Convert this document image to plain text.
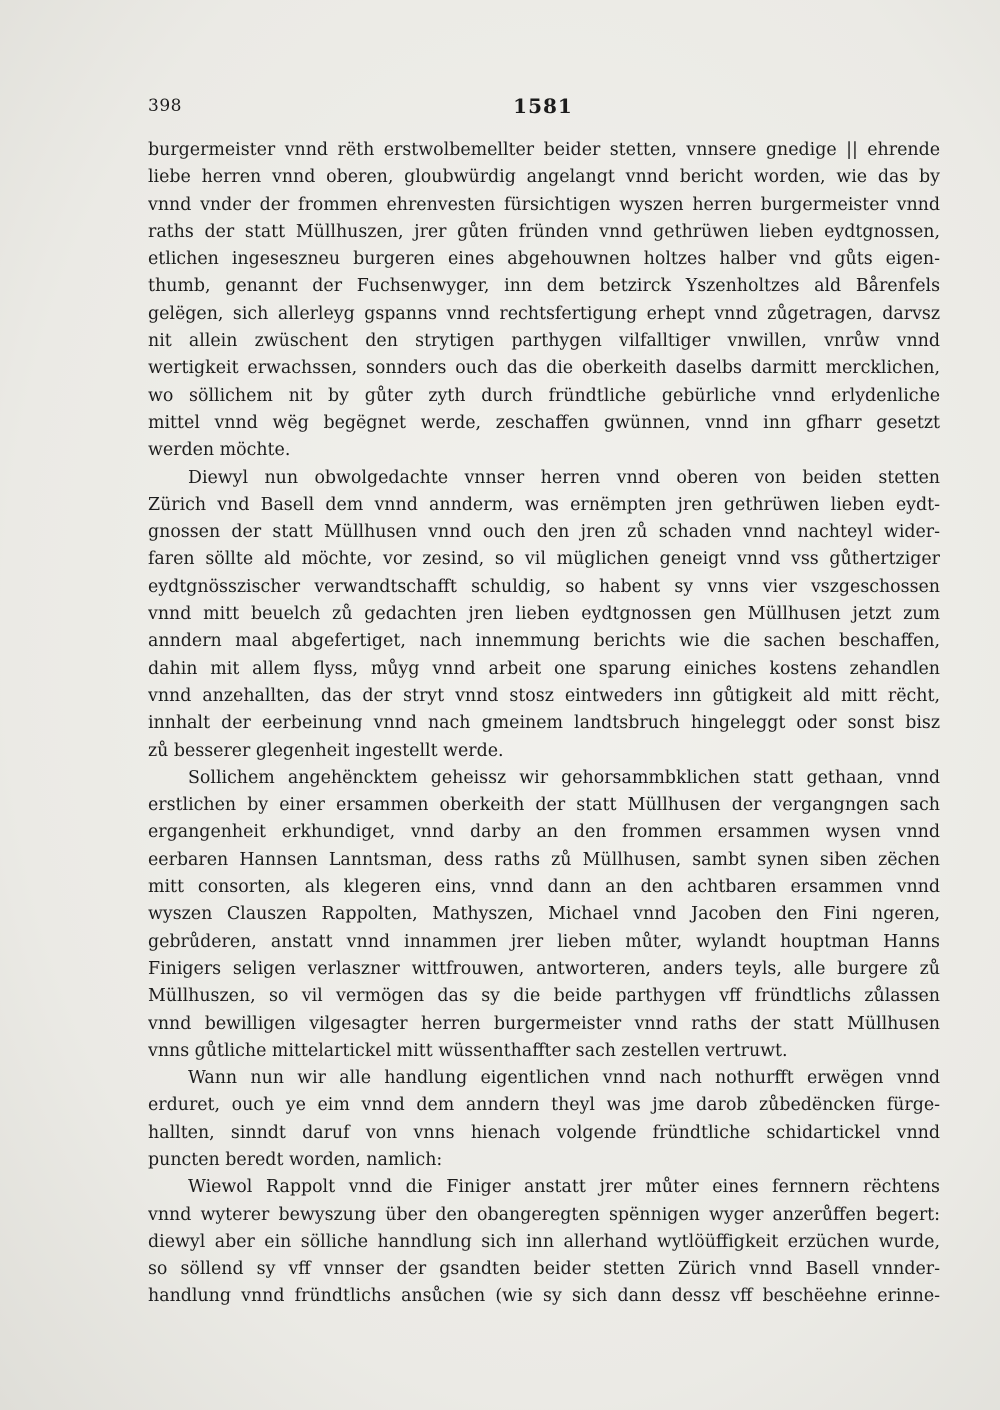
398	1581
burgermeister vnnd rëth erstwolbemellter beider stetten, vnnsere gnedige || ehrende
liebe herren vnnd oberen, gloubwürdig angelangt vnnd bericht worden, wie das by
vnnd vnder der frommen ehrenvesten fürsichtigen wyszen herren burgermeister vnnd
raths der statt Müllhuszen, jrer gůten fründen vnnd gethrüwen lieben eydtgnossen,
etlichen ingeseszneu burgeren eines abgehouwnen holtzes halber vnd gůts eigen-
thumb, genannt der Fuchsenwyger, inn dem betzirck Yszenholtzes ald Bårenfels
gelëgen, sich allerleyg gspanns vnnd rechtsfertigung erhept vnnd zůgetragen, darvsz
nit allein zwüschent den strytigen parthygen vilfalltiger vnwillen, vnrůw vnnd
wertigkeit erwachssen, sonnders ouch das die oberkeith daselbs darmitt mercklichen,
wo söllichem nit by gůter zyth durch fründtliche gebürliche vnnd erlydenliche
mittel vnnd wëg begëgnet werde, zeschaffen gwünnen, vnnd inn gfharr gesetzt
werden möchte.
Diewyl nun obwolgedachte vnnser herren vnnd oberen von beiden stetten
Zürich vnd Basell dem vnnd annderm, was ernëmpten jren gethrüwen lieben eydt-
gnossen der statt Müllhusen vnnd ouch den jren zů schaden vnnd nachteyl wider-
faren söllte ald möchte, vor zesind, so vil müglichen geneigt vnnd vss gůthertziger
eydtgnösszischer verwandtschafft schuldig, so habent sy vnns vier vszgeschossen
vnnd mitt beuelch zů gedachten jren lieben eydtgnossen gen Müllhusen jetzt zum
anndern maal abgefertiget, nach innemmung berichts wie die sachen beschaffen,
dahin mit allem flyss, můyg vnnd arbeit one sparung einiches kostens zehandlen
vnnd anzehallten, das der stryt vnnd stosz eintweders inn gůtigkeit ald mitt rëcht,
innhalt der eerbeinung vnnd nach gmeinem landtsbruch hingeleggt oder sonst bisz
zů besserer glegenheit ingestellt werde.
Sollichem angehëncktem geheissz wir gehorsammbklichen statt gethaan, vnnd
erstlichen by einer ersammen oberkeith der statt Müllhusen der vergangngen sach
ergangenheit erkhundiget, vnnd darby an den frommen ersammen wysen vnnd
eerbaren Hannsen Lanntsman, dess raths zů Müllhusen, sambt synen siben zëchen
mitt consorten, als klegeren eins, vnnd dann an den achtbaren ersammen vnnd
wyszen Clauszen Rappolten, Mathyszen, Michael vnnd Jacoben den Fini ngeren,
gebrůderen, anstatt vnnd innammen jrer lieben můter, wylandt houptman Hanns
Finigers seligen verlaszner wittfrouwen, antworteren, anders teyls, alle burgere zů
Müllhuszen, so vil vermögen das sy die beide parthygen vff fründtlichs zůlassen
vnnd bewilligen vilgesagter herren burgermeister vnnd raths der statt Müllhusen
vnns gůtliche mittelartickel mitt wüssenthaffter sach zestellen vertruwt.
Wann nun wir alle handlung eigentlichen vnnd nach nothurfft erwëgen vnnd
erduret, ouch ye eim vnnd dem anndern theyl was jme darob zůbedëncken fürge-
hallten, sinndt daruf von vnns hienach volgende fründtliche schidartickel vnnd
puncten beredt worden, namlich:
Wiewol Rappolt vnnd die Finiger anstatt jrer můter eines fernnern rëchtens
vnnd wyterer bewyszung über den obangeregten spënnigen wyger anzerůffen begert:
diewyl aber ein sölliche hanndlung sich inn allerhand wytlöüffigkeit erzüchen wurde,
so söllend sy vff vnnser der gsandten beider stetten Zürich vnnd Basell vnnder-
handlung vnnd fründtlichs ansůchen (wie sy sich dann dessz vff beschëehne erinne-
